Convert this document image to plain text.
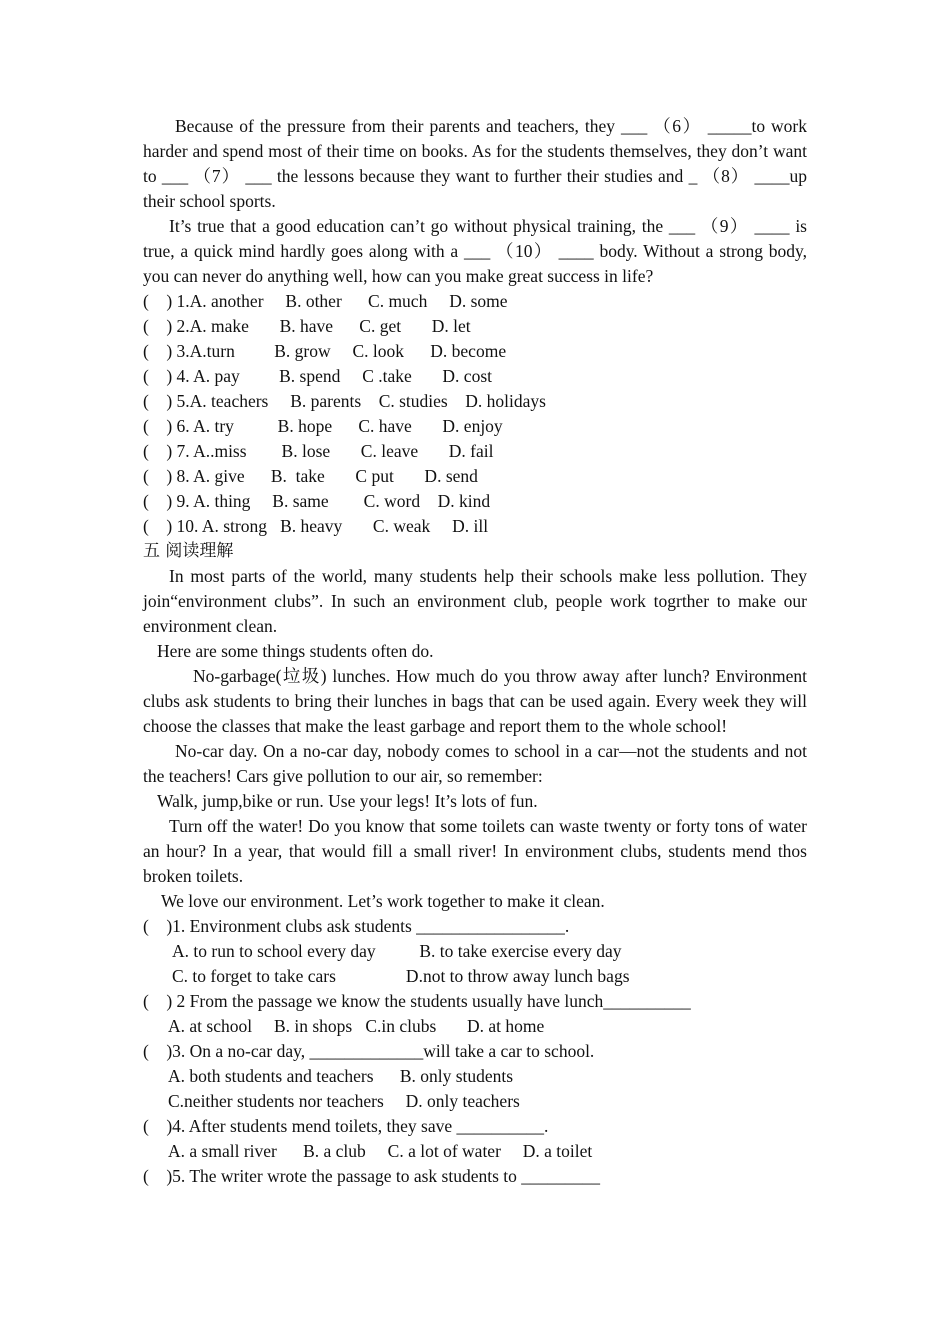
Because of the pressure from their parents and teachers, they ___ （6） _____to work harder and spend most of their time on books. As for the students themselves, they don’t want to ___ （7） ___ the lessons because they want to further their studies and _ （8） ____up their school sports.

It’s true that a good education can’t go without physical training, the ___ （9） ____ is true, a quick mind hardly goes along with a ___ （10） ____ body. Without a strong body, you can never do anything well, how can you make great success in life?

(    ) 1.A. another     B. other      C. much     D. some

(    ) 2.A. make       B. have      C. get       D. let

(    ) 3.A.turn         B. grow     C. look      D. become

(    ) 4. A. pay         B. spend     C .take       D. cost

(    ) 5.A. teachers     B. parents    C. studies    D. holidays

(    ) 6. A. try          B. hope      C. have       D. enjoy

(    ) 7. A..miss        B. lose       C. leave       D. fail

(    ) 8. A. give      B.  take       C put       D. send

(    ) 9. A. thing     B. same        C. word    D. kind

(    ) 10. A. strong   B. heavy       C. weak     D. ill

五 阅读理解

In most parts of the world, many students help their schools make less pollution. They join“environment clubs”. In such an environment club, people work togrther to make our environment clean.

Here are some things students often do.

No-garbage(垃圾) lunches. How much do you throw away after lunch? Environment clubs ask students to bring their lunches in bags that can be used again. Every week they will choose the classes that make the least garbage and report them to the whole school!

No-car day. On a no-car day, nobody comes to school in a car—not the students and not the teachers! Cars give pollution to our air, so remember:

Walk, jump,bike or run. Use your legs! It’s lots of fun.

Turn off the water! Do you know that some toilets can waste twenty or forty tons of water an hour? In a year, that would fill a small river! In environment clubs, students mend thos broken toilets.

We love our environment. Let’s work together to make it clean.

(    )1. Environment clubs ask students _________________.

A. to run to school every day          B. to take exercise every day

C. to forget to take cars                D.not to throw away lunch bags

(    ) 2 From the passage we know the students usually have lunch__________

A. at school     B. in shops   C.in clubs       D. at home

(    )3. On a no-car day, _____________will take a car to school.

A. both students and teachers      B. only students

C.neither students nor teachers     D. only teachers

(    )4. After students mend toilets, they save __________.

A. a small river      B. a club     C. a lot of water     D. a toilet

(    )5. The writer wrote the passage to ask students to _________
